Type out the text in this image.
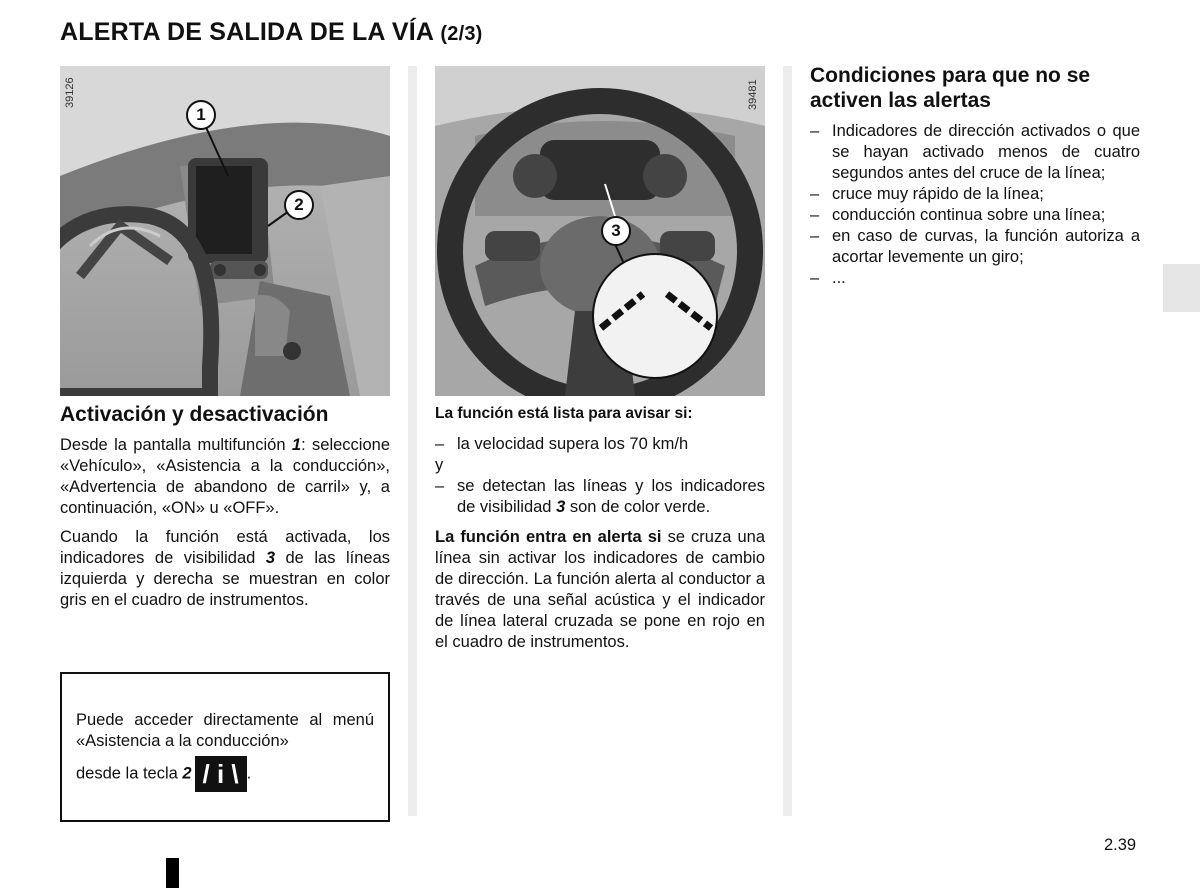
ALERTA DE SALIDA DE LA VÍA (2/3)
39126
1
2
39481
3
Activación y desactivación

Desde la pantalla multifunción 1: seleccione «Vehículo», «Asistencia a la conducción», «Advertencia de abandono de carril» y, a continuación, «ON» u «OFF».

Cuando la función está activada, los indicadores de visibilidad 3 de las líneas izquierda y derecha se muestran en color gris en el cuadro de instrumentos.

Puede acceder directamente al menú «Asistencia a la conducción»

desde la tecla 2 / i \ .

La función está lista para avisar si:

– la velocidad supera los 70 km/h

y

– se detectan las líneas y los indicadores de visibilidad 3 son de color verde.

La función entra en alerta si se cruza una línea sin activar los indicadores de cambio de dirección. La función alerta al conductor a través de una señal acústica y el indicador de línea lateral cruzada se pone en rojo en el cuadro de instrumentos.

Condiciones para que no se activen las alertas
– Indicadores de dirección activados o que se hayan activado menos de cuatro segundos antes del cruce de la línea;
– cruce muy rápido de la línea;
– conducción continua sobre una línea;
– en caso de curvas, la función autoriza a acortar levemente un giro;
– ...
2.39
